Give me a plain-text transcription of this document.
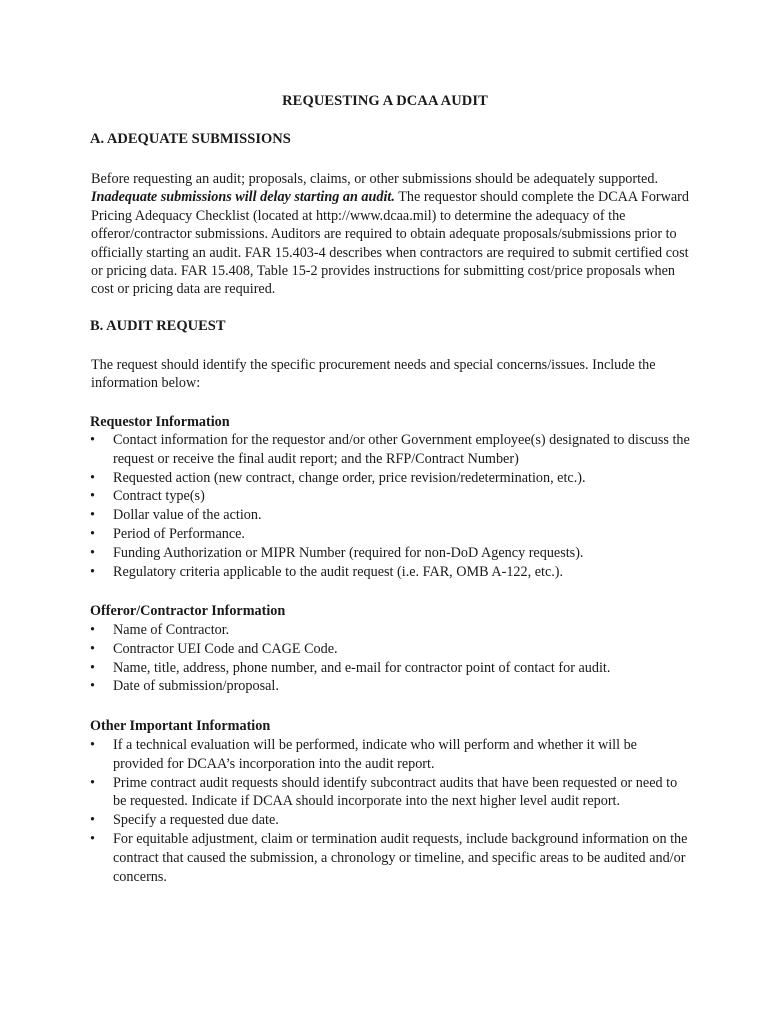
REQUESTING A DCAA AUDIT
A. ADEQUATE SUBMISSIONS
Before requesting an audit; proposals, claims, or other submissions should be adequately supported. Inadequate submissions will delay starting an audit. The requestor should complete the DCAA Forward Pricing Adequacy Checklist (located at http://www.dcaa.mil) to determine the adequacy of the offeror/contractor submissions. Auditors are required to obtain adequate proposals/submissions prior to officially starting an audit. FAR 15.403-4 describes when contractors are required to submit certified cost or pricing data. FAR 15.408, Table 15-2 provides instructions for submitting cost/price proposals when cost or pricing data are required.
B. AUDIT REQUEST
The request should identify the specific procurement needs and special concerns/issues. Include the information below:
Requestor Information
• Contact information for the requestor and/or other Government employee(s) designated to discuss the request or receive the final audit report; and the RFP/Contract Number)
• Requested action (new contract, change order, price revision/redetermination, etc.).
• Contract type(s)
• Dollar value of the action.
• Period of Performance.
• Funding Authorization or MIPR Number (required for non-DoD Agency requests).
• Regulatory criteria applicable to the audit request (i.e. FAR, OMB A-122, etc.).
Offeror/Contractor Information
• Name of Contractor.
• Contractor UEI Code and CAGE Code.
• Name, title, address, phone number, and e-mail for contractor point of contact for audit.
• Date of submission/proposal.
Other Important Information
• If a technical evaluation will be performed, indicate who will perform and whether it will be provided for DCAA’s incorporation into the audit report.
• Prime contract audit requests should identify subcontract audits that have been requested or need to be requested. Indicate if DCAA should incorporate into the next higher level audit report.
• Specify a requested due date.
• For equitable adjustment, claim or termination audit requests, include background information on the contract that caused the submission, a chronology or timeline, and specific areas to be audited and/or concerns.
